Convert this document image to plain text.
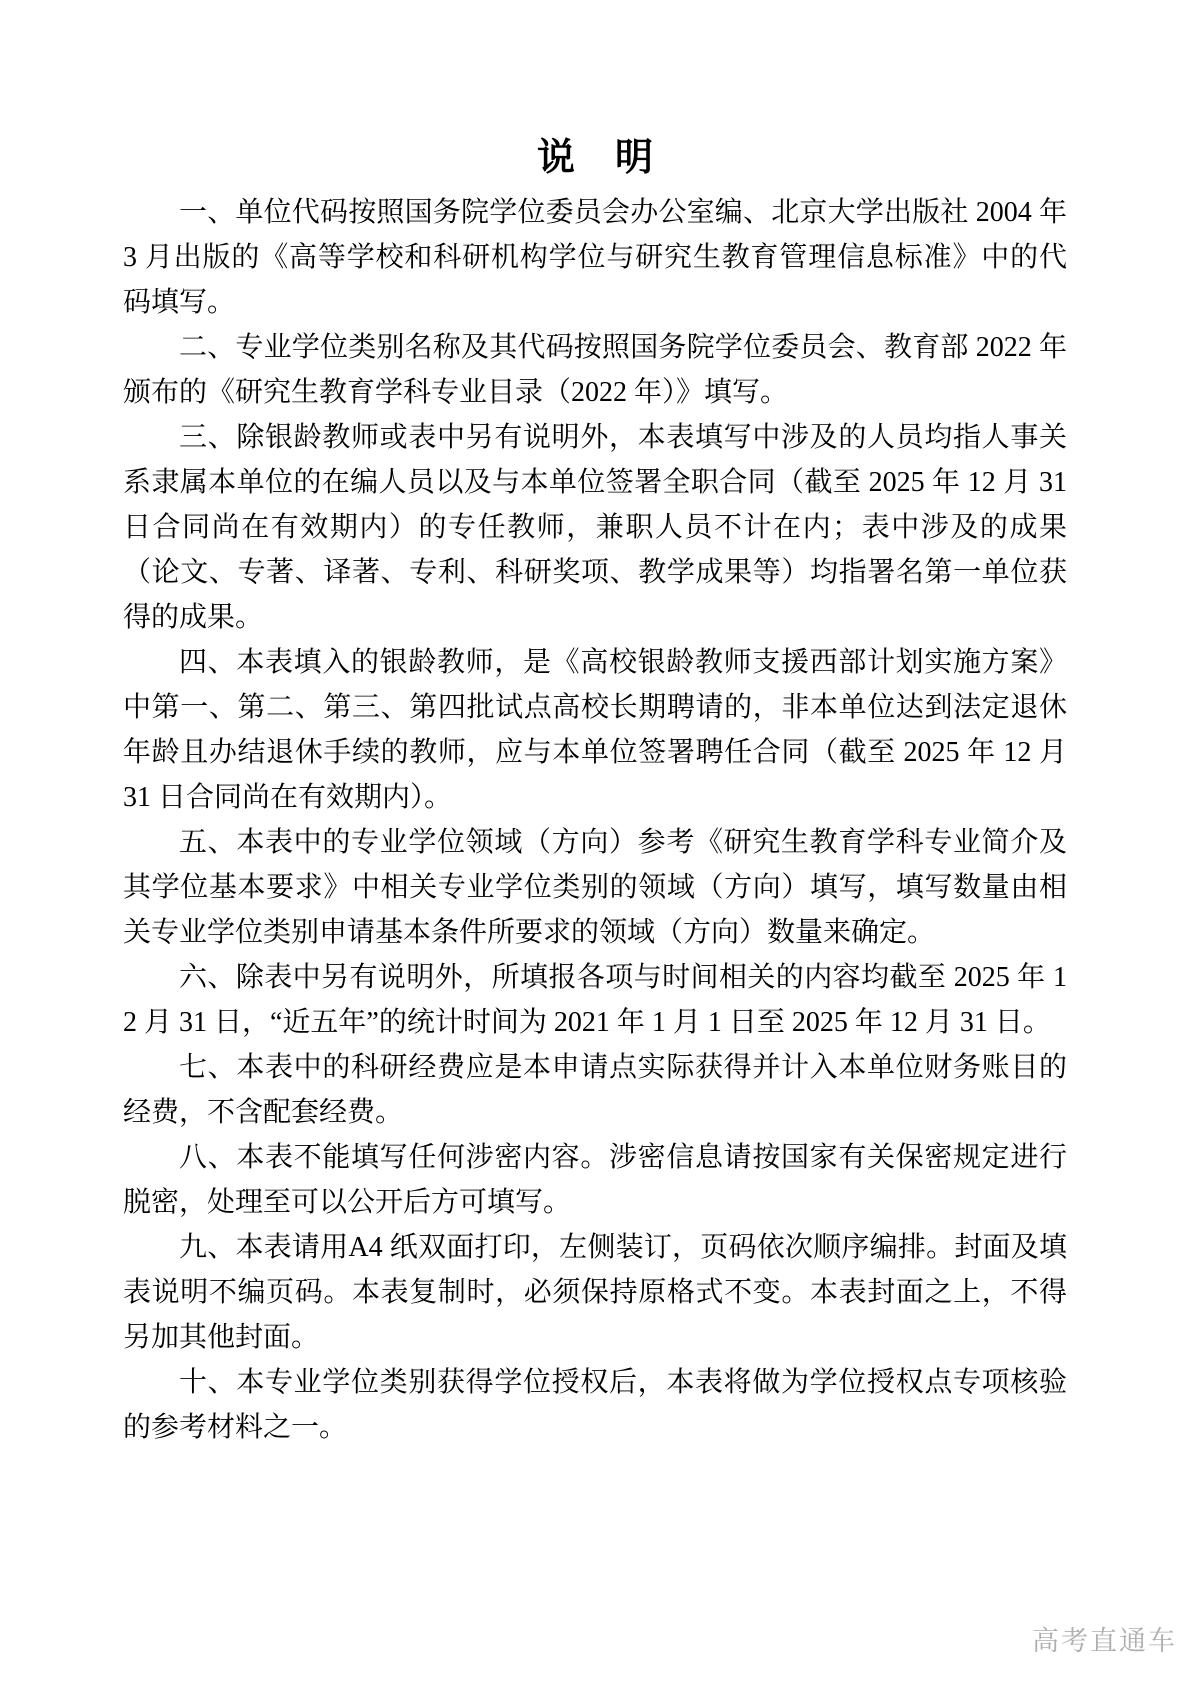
说　明

一、单位代码按照国务院学位委员会办公室编、北京大学出版社 2004 年 3 月出版的《高等学校和科研机构学位与研究生教育管理信息标准》中的代码填写。

二、专业学位类别名称及其代码按照国务院学位委员会、教育部 2022 年颁布的《研究生教育学科专业目录（2022 年）》填写。

三、除银龄教师或表中另有说明外，本表填写中涉及的人员均指人事关系隶属本单位的在编人员以及与本单位签署全职合同（截至 2025 年 12 月 31 日合同尚在有效期内）的专任教师，兼职人员不计在内；表中涉及的成果（论文、专著、译著、专利、科研奖项、教学成果等）均指署名第一单位获得的成果。

四、本表填入的银龄教师，是《高校银龄教师支援西部计划实施方案》中第一、第二、第三、第四批试点高校长期聘请的，非本单位达到法定退休年龄且办结退休手续的教师，应与本单位签署聘任合同（截至 2025 年 12 月 31 日合同尚在有效期内）。

五、本表中的专业学位领域（方向）参考《研究生教育学科专业简介及其学位基本要求》中相关专业学位类别的领域（方向）填写，填写数量由相关专业学位类别申请基本条件所要求的领域（方向）数量来确定。

六、除表中另有说明外，所填报各项与时间相关的内容均截至 2025 年 12 月 31 日，“近五年”的统计时间为 2021 年 1 月 1 日至 2025 年 12 月 31 日。

七、本表中的科研经费应是本申请点实际获得并计入本单位财务账目的经费，不含配套经费。

八、本表不能填写任何涉密内容。涉密信息请按国家有关保密规定进行脱密，处理至可以公开后方可填写。

九、本表请用A4 纸双面打印，左侧装订，页码依次顺序编排。封面及填表说明不编页码。本表复制时，必须保持原格式不变。本表封面之上，不得另加其他封面。

十、本专业学位类别获得学位授权后，本表将做为学位授权点专项核验的参考材料之一。

高考直通车
